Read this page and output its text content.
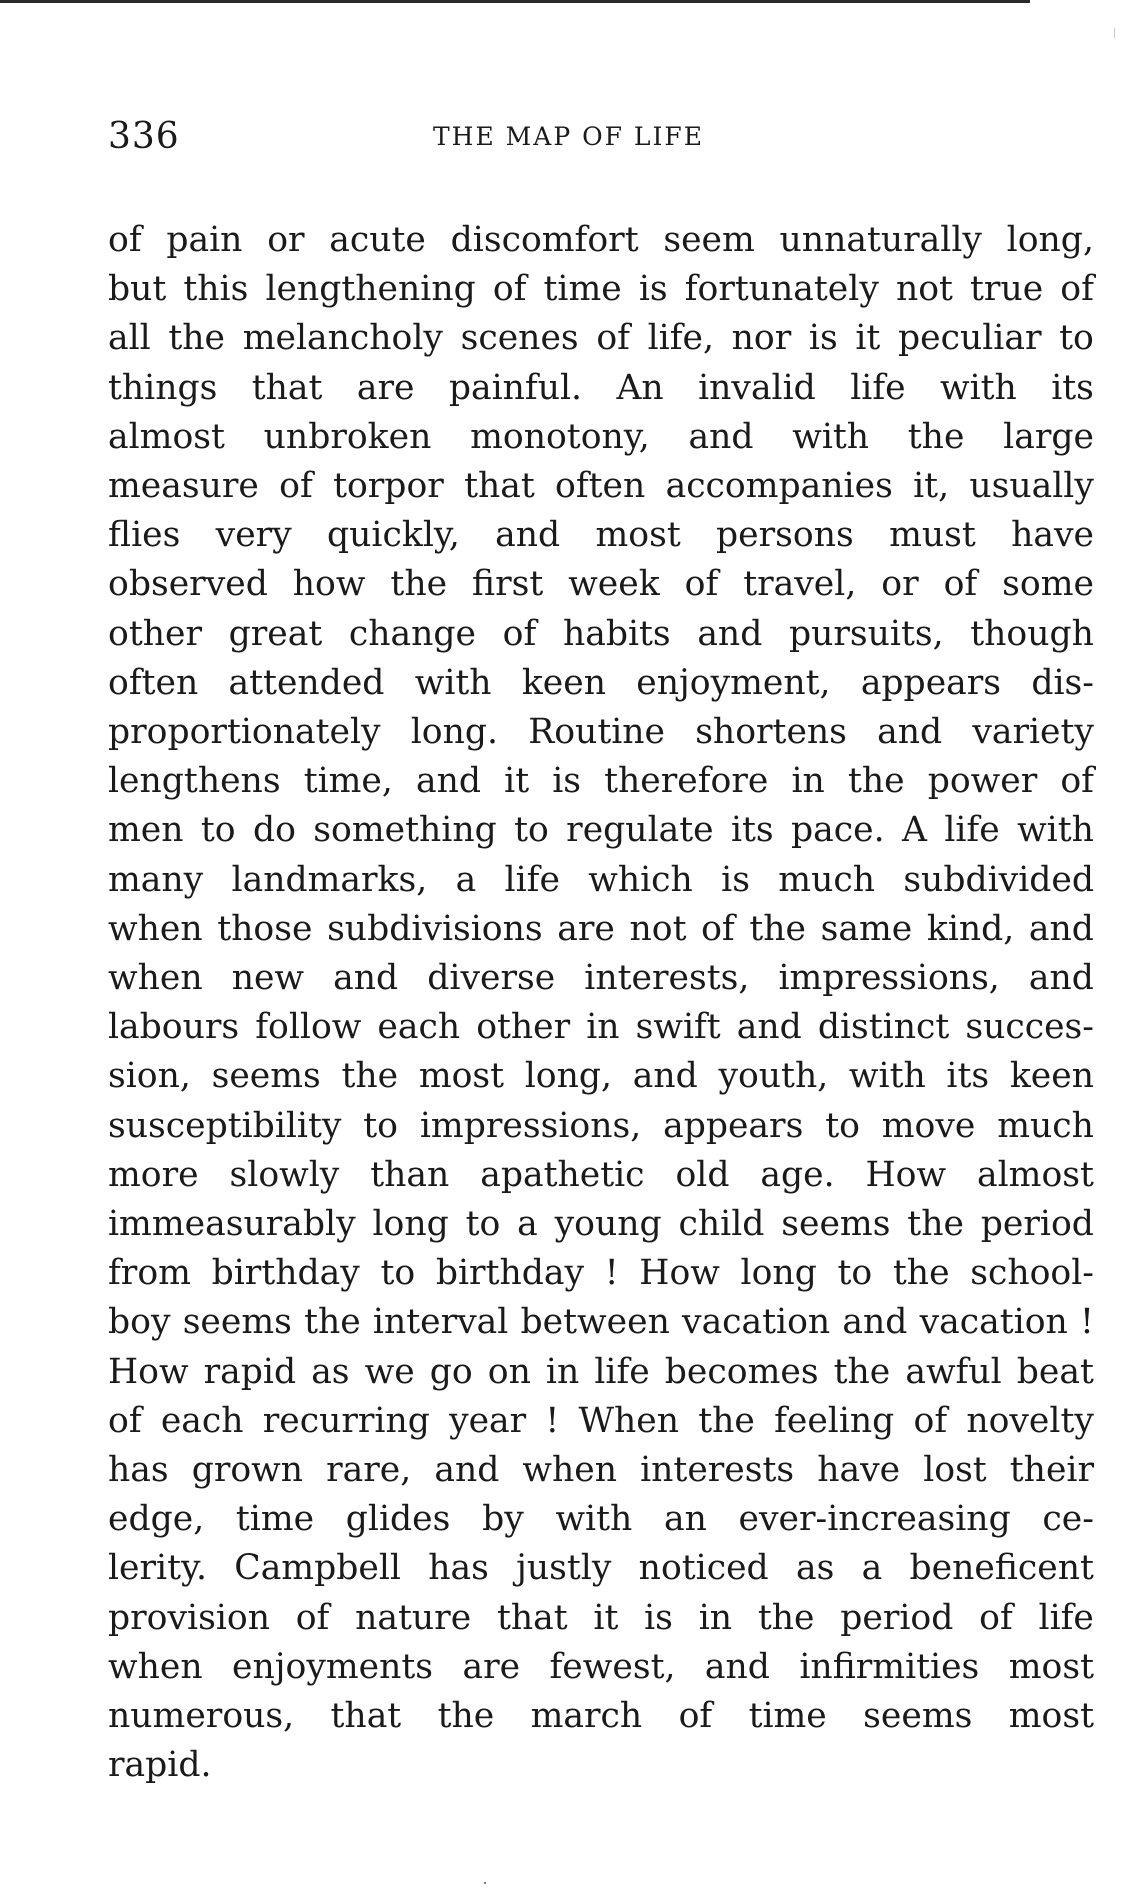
336	THE MAP OF LIFE
of pain or acute discomfort seem unnaturally long,
but this lengthening of time is fortunately not true of
all the melancholy scenes of life, nor is it peculiar to
things that are painful. An invalid life with its
almost unbroken monotony, and with the large
measure of torpor that often accompanies it, usually
flies very quickly, and most persons must have
observed how the first week of travel, or of some
other great change of habits and pursuits, though
often attended with keen enjoyment, appears dis-
proportionately long. Routine shortens and variety
lengthens time, and it is therefore in the power of
men to do something to regulate its pace. A life with
many landmarks, a life which is much subdivided
when those subdivisions are not of the same kind, and
when new and diverse interests, impressions, and
labours follow each other in swift and distinct succes-
sion, seems the most long, and youth, with its keen
susceptibility to impressions, appears to move much
more slowly than apathetic old age. How almost
immeasurably long to a young child seems the period
from birthday to birthday ! How long to the school-
boy seems the interval between vacation and vacation !
How rapid as we go on in life becomes the awful beat
of each recurring year ! When the feeling of novelty
has grown rare, and when interests have lost their
edge, time glides by with an ever-increasing ce-
lerity. Campbell has justly noticed as a beneficent
provision of nature that it is in the period of life
when enjoyments are fewest, and infirmities most
numerous, that the march of time seems most
rapid.
